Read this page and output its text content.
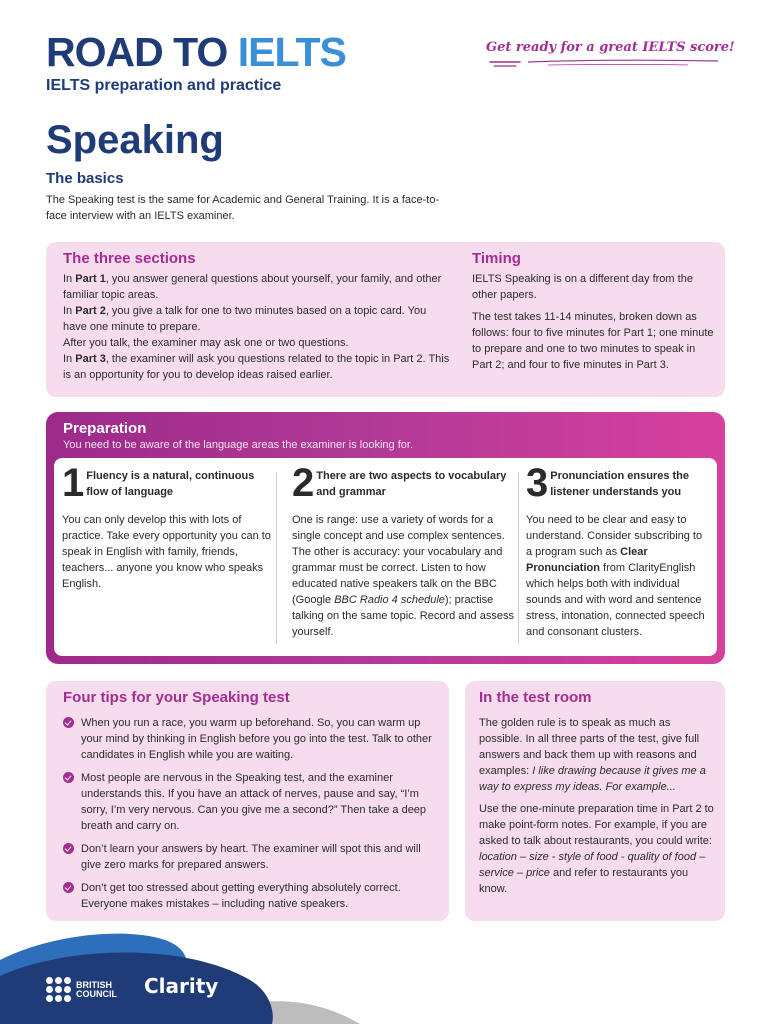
ROAD TO IELTS
IELTS preparation and practice
Get ready for a great IELTS score!
Speaking
The basics
The Speaking test is the same for Academic and General Training. It is a face-to-face interview with an IELTS examiner.
The three sections

In Part 1, you answer general questions about yourself, your family, and other familiar topic areas.

In Part 2, you give a talk for one to two minutes based on a topic card. You have one minute to prepare.

After you talk, the examiner may ask one or two questions.

In Part 3, the examiner will ask you questions related to the topic in Part 2. This is an opportunity for you to develop ideas raised earlier.

Timing

IELTS Speaking is on a different day from the other papers.

The test takes 11-14 minutes, broken down as follows: four to five minutes for Part 1; one minute to prepare and one to two minutes to speak in Part 2; and four to five minutes in Part 3.

Preparation
You need to be aware of the language areas the examiner is looking for.
1 Fluency is a natural, continuous flow of language

You can only develop this with lots of practice. Take every opportunity you can to speak in English with family, friends, teachers... anyone you know who speaks English.

2 There are two aspects to vocabulary and grammar

One is range: use a variety of words for a single concept and use complex sentences. The other is accuracy: your vocabulary and grammar must be correct. Listen to how educated native speakers talk on the BBC (Google BBC Radio 4 schedule); practise talking on the same topic. Record and assess yourself.

3 Pronunciation ensures the listener understands you

You need to be clear and easy to understand. Consider subscribing to a program such as Clear Pronunciation from ClarityEnglish which helps both with individual sounds and with word and sentence stress, intonation, connected speech and consonant clusters.

Four tips for your Speaking test
When you run a race, you warm up beforehand. So, you can warm up your mind by thinking in English before you go into the test. Talk to other candidates in English while you are waiting.
Most people are nervous in the Speaking test, and the examiner understands this. If you have an attack of nerves, pause and say, “I’m sorry, I’m very nervous. Can you give me a second?” Then take a deep breath and carry on.
Don’t learn your answers by heart. The examiner will spot this and will give zero marks for prepared answers.
Don’t get too stressed about getting everything absolutely correct. Everyone makes mistakes – including native speakers.
In the test room

The golden rule is to speak as much as possible. In all three parts of the test, give full answers and back them up with reasons and examples: I like drawing because it gives me a way to express my ideas. For example...

Use the one-minute preparation time in Part 2 to make point-form notes. For example, if you are asked to talk about restaurants, you could write: location – size - style of food - quality of food – service – price and refer to restaurants you know.

BRITISH
COUNCIL Clarity
